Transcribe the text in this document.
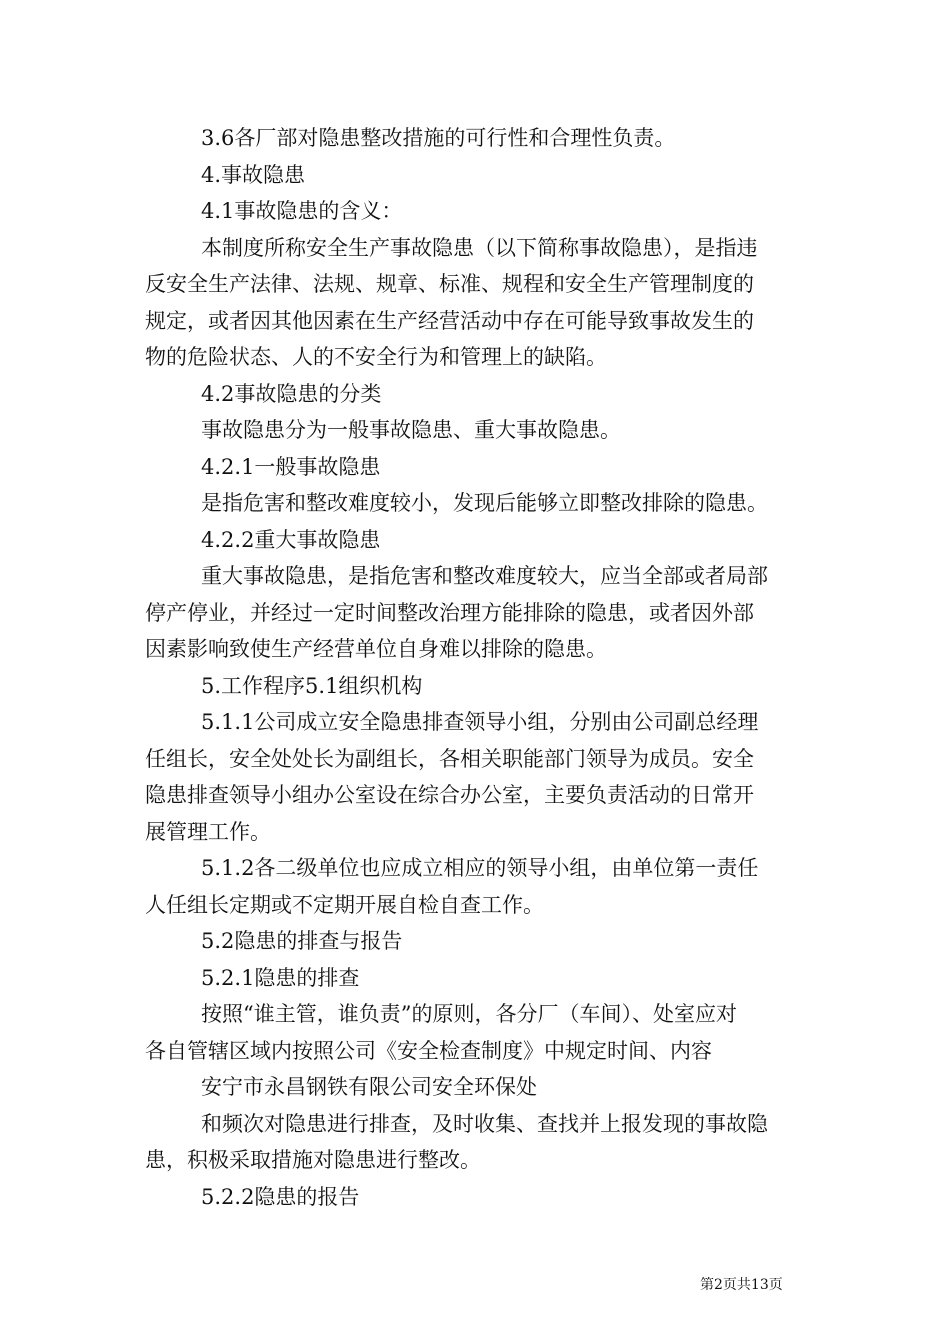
3.6各厂部对隐患整改措施的可行性和合理性负责。
4.事故隐患
4.1事故隐患的含义：
本制度所称安全生产事故隐患（以下简称事故隐患），是指违
反安全生产法律、法规、规章、标准、规程和安全生产管理制度的
规定，或者因其他因素在生产经营活动中存在可能导致事故发生的
物的危险状态、人的不安全行为和管理上的缺陷。
4.2事故隐患的分类
事故隐患分为一般事故隐患、重大事故隐患。
4.2.1一般事故隐患
是指危害和整改难度较小，发现后能够立即整改排除的隐患。
4.2.2重大事故隐患
重大事故隐患，是指危害和整改难度较大，应当全部或者局部
停产停业，并经过一定时间整改治理方能排除的隐患，或者因外部
因素影响致使生产经营单位自身难以排除的隐患。
5.工作程序5.1组织机构
5.1.1公司成立安全隐患排查领导小组，分别由公司副总经理
任组长，安全处处长为副组长，各相关职能部门领导为成员。安全
隐患排查领导小组办公室设在综合办公室，主要负责活动的日常开
展管理工作。
5.1.2各二级单位也应成立相应的领导小组，由单位第一责任
人任组长定期或不定期开展自检自查工作。
5.2隐患的排查与报告
5.2.1隐患的排查
按照“谁主管，谁负责”的原则，各分厂（车间）、处室应对
各自管辖区域内按照公司《安全检查制度》中规定时间、内容
安宁市永昌钢铁有限公司安全环保处
和频次对隐患进行排查，及时收集、查找并上报发现的事故隐
患，积极采取措施对隐患进行整改。
5.2.2隐患的报告
第2页共13页
